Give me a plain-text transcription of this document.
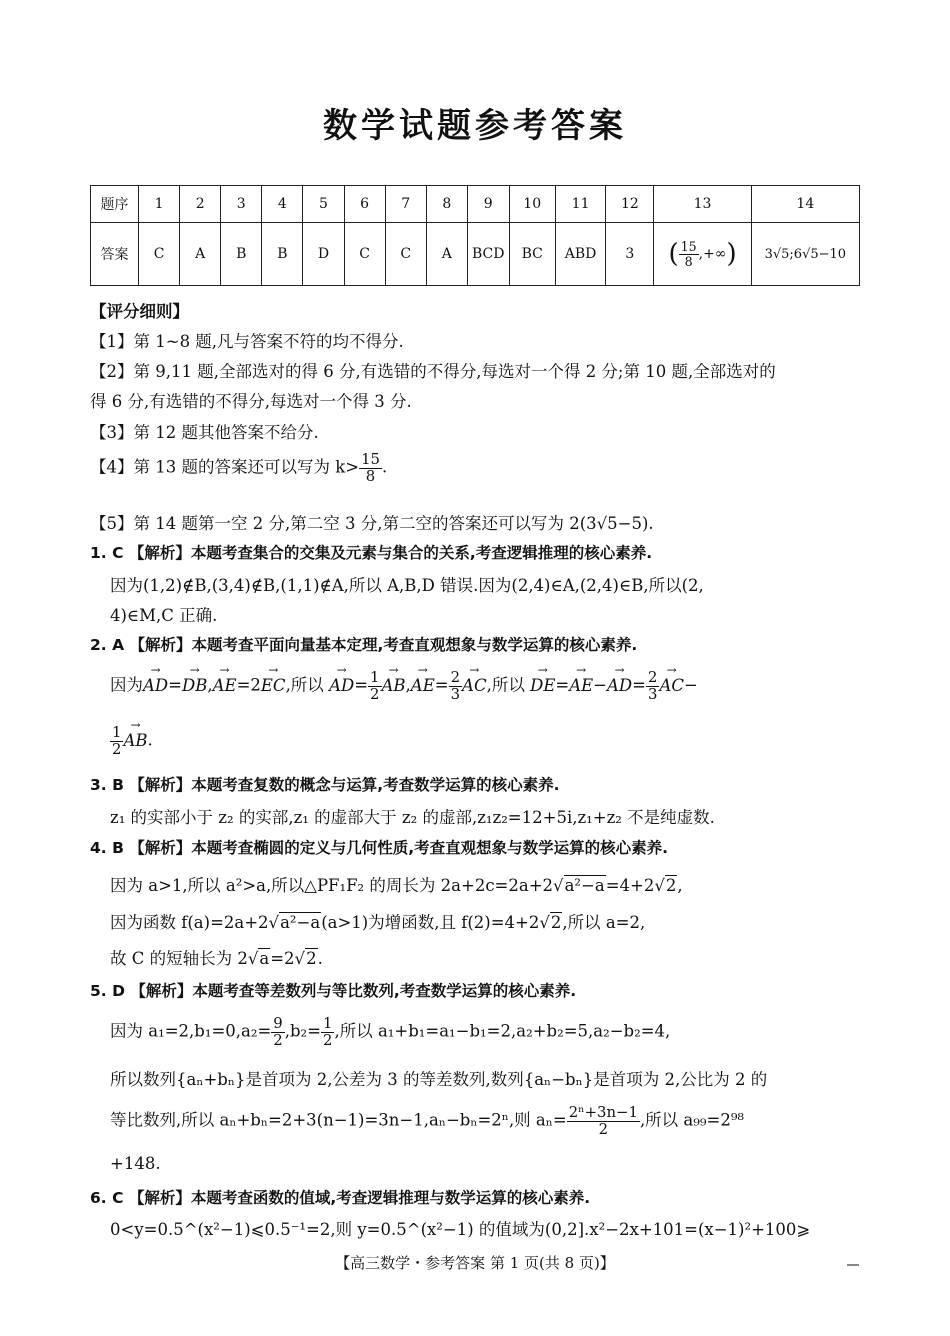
数学试题参考答案
题序	1	2	3	4	5	6	7	8	9	10	11	12	13	14
答案	C	A	B	B	D	C	C	A	BCD	BC	ABD	3	( $\frac{15}{8}$ ,+∞)	3√5;6√5−10
【评分细则】
【1】第 1~8 题,凡与答案不符的均不得分.
【2】第 9,11 题,全部选对的得 6 分,有选错的不得分,每选对一个得 2 分;第 10 题,全部选对的
得 6 分,有选错的不得分,每选对一个得 3 分.
【3】第 12 题其他答案不给分.
【4】第 13 题的答案还可以写为 $k> \frac{15}{8}$ .
【5】第 14 题第一空 2 分,第二空 3 分,第二空的答案还可以写为 2(3√5−5).
1. C 【解析】本题考查集合的交集及元素与集合的关系,考查逻辑推理的核心素养.
因为(1,2)∉B,(3,4)∉B,(1,1)∉A,所以 A,B,D 错误.因为(2,4)∈A,(2,4)∈B,所以(2,
4)∈M,C 正确.
2. A 【解析】本题考查平面向量基本定理,考查直观想象与数学运算的核心素养.
因为AD →=DB →,AE →=2EC →,所以 AD →= $\frac{1}{2}$ AB $\to,AE \to= \frac{2}{3}$ AC →,所以 DE $\to=AE \to-AD \to= \frac{2}{3}$ AC →−
$\frac{1}{2}$ AB →.
3. B 【解析】本题考查复数的概念与运算,考查数学运算的核心素养.
z₁ 的实部小于 z₂ 的实部,z₁ 的虚部大于 z₂ 的虚部,z₁z₂=12+5i,z₁+z₂ 不是纯虚数.
4. B 【解析】本题考查椭圆的定义与几何性质,考查直观想象与数学运算的核心素养.
因为 a>1,所以 a²>a,所以△PF₁F₂ 的周长为 2a+2c=2a+2√a²−a=4+2√2,
因为函数 f(a)=2a+2√a²−a(a>1)为增函数,且 f(2)=4+2√2,所以 a=2,
故 C 的短轴长为 2√a=2√2.
5. D 【解析】本题考查等差数列与等比数列,考查数学运算的核心素养.
因为 $a_1=2,b_1=0,a_2= \frac{9}{2} ,b_2= \frac{1}{2}$ ,所以 a₁+b₁=a₁−b₁=2,a₂+b₂=5,a₂−b₂=4,
所以数列{aₙ+bₙ}是首项为 2,公差为 3 的等差数列,数列{aₙ−bₙ}是首项为 2,公比为 2 的
等比数列,所以 aₙ+bₙ=2+3(n−1)=3n−1,aₙ−bₙ=2ⁿ,则 $a_n= \frac{\text{2ⁿ+3n−1}}{2}$ ,所以 a₉₉=2⁹⁸
+148.
6. C 【解析】本题考查函数的值域,考查逻辑推理与数学运算的核心素养.
0<y=0.5^(x²−1)⩽0.5⁻¹=2,则 y=0.5^(x²−1) 的值域为(0,2].x²−2x+101=(x−1)²+100⩾
【高三数学・参考答案 第 1 页(共 8 页)】
